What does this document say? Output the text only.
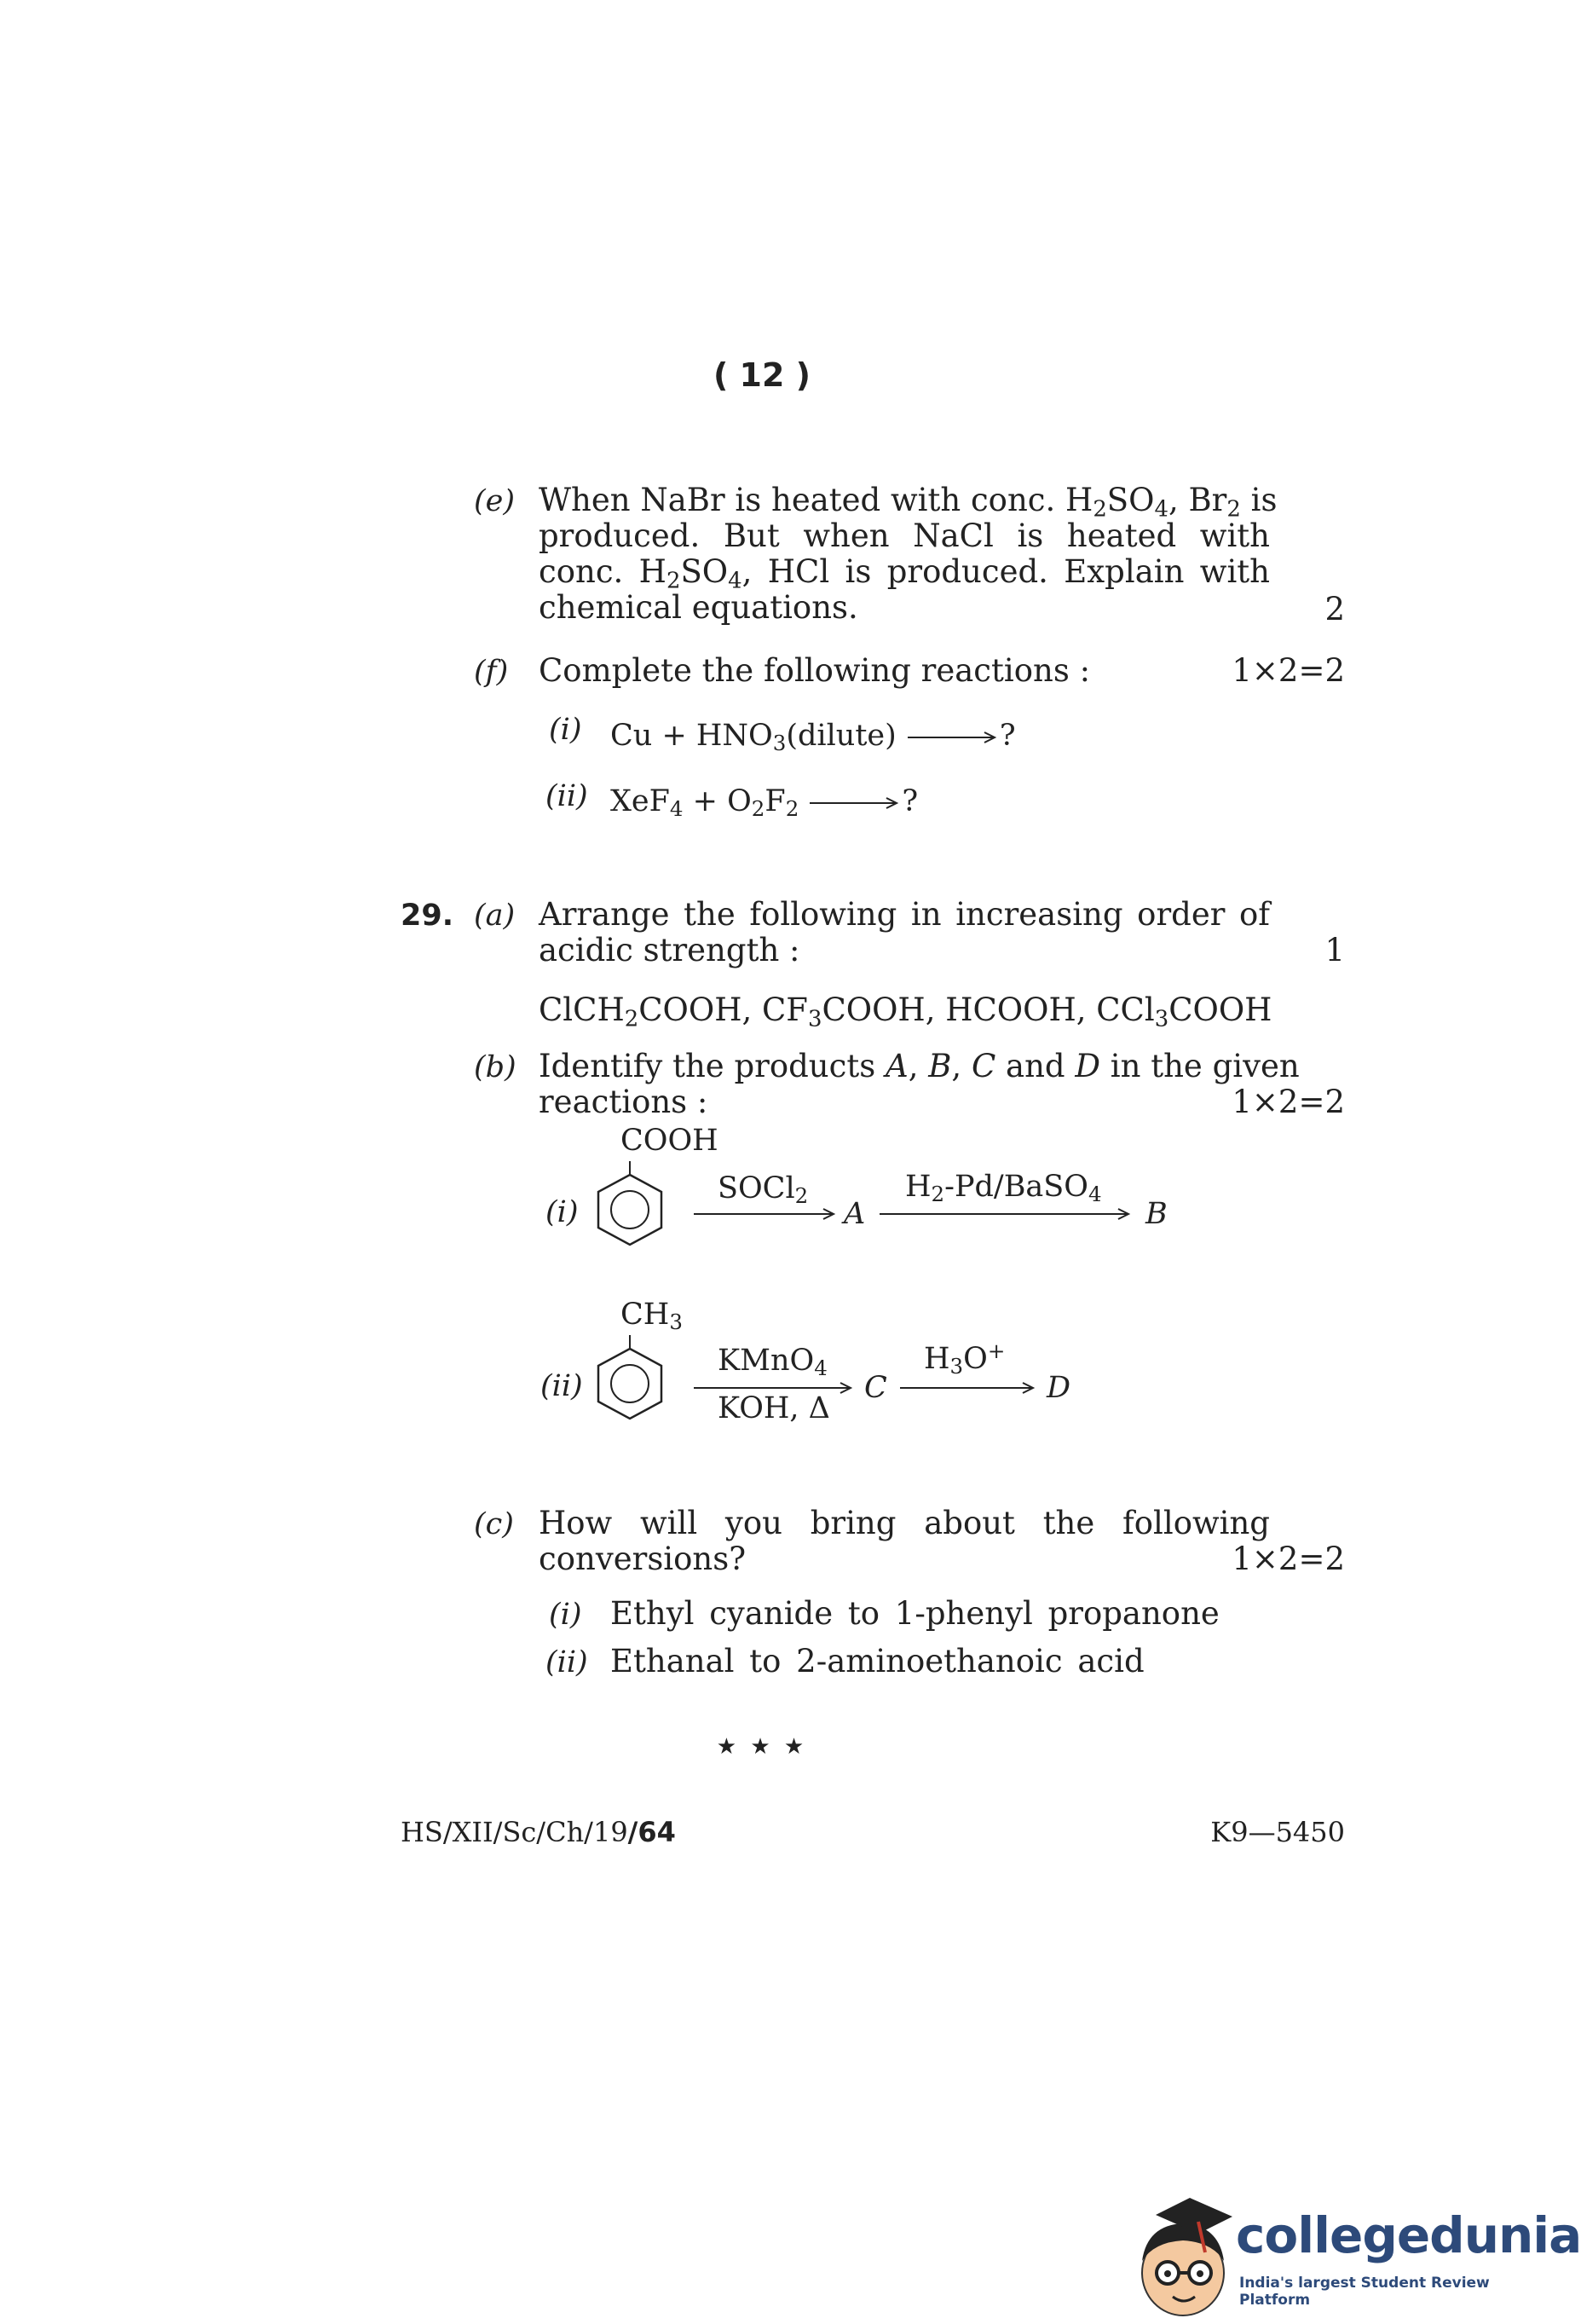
( 12 )
(e) When NaBr is heated with conc. $H_2SO_4$, $Br_2$ is
produced. But when NaCl is heated with
conc. $H_2SO_4$, HCl is produced. Explain with
chemical equations.	2
(f) Complete the following reactions :	1×2=2
(i) $Cu + HNO_3(dilute)$ →?
(ii) $XeF_4 + O_2F_2$ →?
29. (a) Arrange the following in increasing order of
acidic strength :	1
ClCH$_2$COOH, $CF_3COOH$, HCOOH, CCl$_3$COOH
(b) Identify the products A, B, C and D in the given
reactions :	1×2=2
COOH
(i)
SOCl$_2$
A
$H_2-Pd/BaSO_4$
B
$CH_3$
(ii)
KMnO$_4$
KOH, Δ
C
$H_3O^+$
D
(c) How will you bring about the following
conversions?	1×2=2
(i) Ethyl cyanide to 1-phenyl propanone
(ii) Ethanal to 2-aminoethanoic acid
★ ★ ★
HS/XII/Sc/Ch/19/64	K9—5450
collegedunia
India's largest Student Review Platform
